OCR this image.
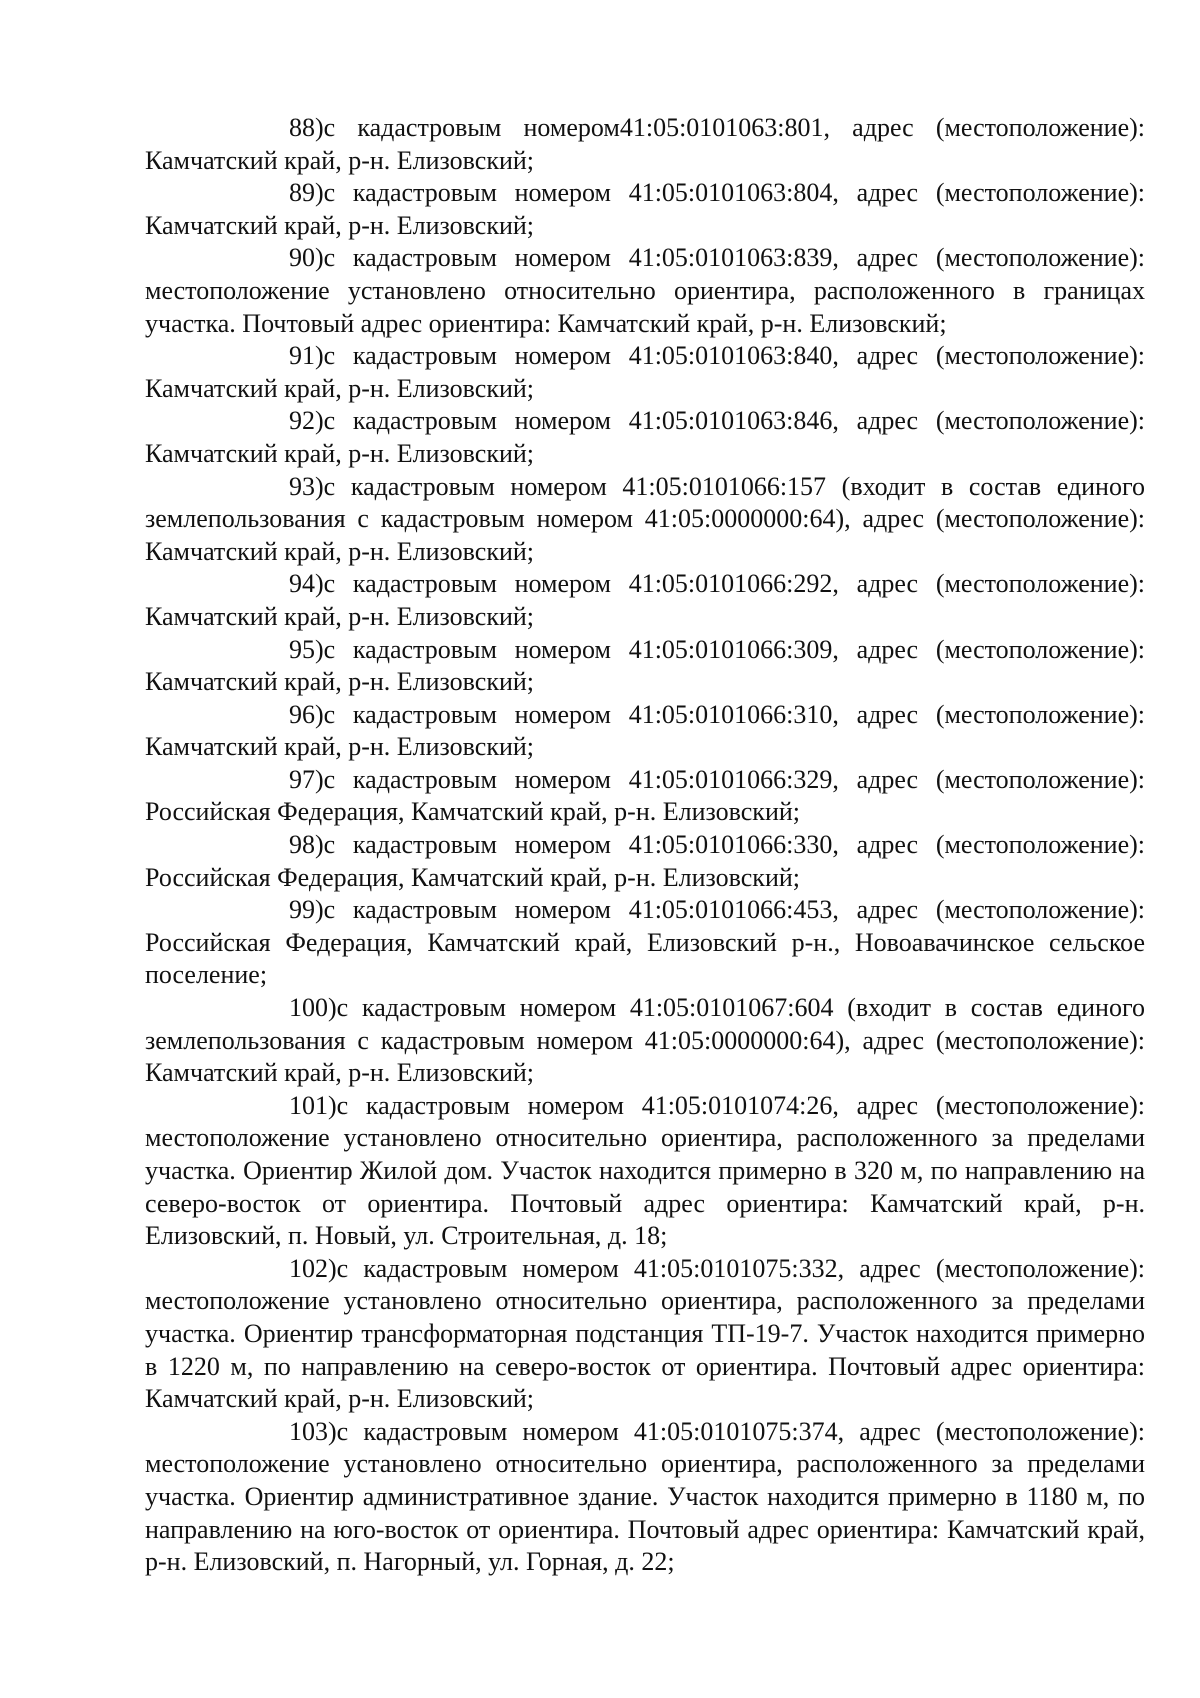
88)с кадастровым номером41:05:0101063:801, адрес (местоположение): Камчатский край, р-н. Елизовский;

89)с кадастровым номером 41:05:0101063:804, адрес (местоположение): Камчатский край, р-н. Елизовский;

90)с кадастровым номером 41:05:0101063:839, адрес (местоположение): местоположение установлено относительно ориентира, расположенного в границах участка. Почтовый адрес ориентира: Камчатский край, р-н. Елизовский;

91)с кадастровым номером 41:05:0101063:840, адрес (местоположение): Камчатский край, р-н. Елизовский;

92)с кадастровым номером 41:05:0101063:846, адрес (местоположение): Камчатский край, р-н. Елизовский;

93)с кадастровым номером 41:05:0101066:157 (входит в состав единого землепользования с кадастровым номером 41:05:0000000:64), адрес (местоположение): Камчатский край, р-н. Елизовский;

94)с кадастровым номером 41:05:0101066:292, адрес (местоположение): Камчатский край, р-н. Елизовский;

95)с кадастровым номером 41:05:0101066:309, адрес (местоположение): Камчатский край, р-н. Елизовский;

96)с кадастровым номером 41:05:0101066:310, адрес (местоположение): Камчатский край, р-н. Елизовский;

97)с кадастровым номером 41:05:0101066:329, адрес (местоположение): Российская Федерация, Камчатский край, р-н. Елизовский;

98)с кадастровым номером 41:05:0101066:330, адрес (местоположение): Российская Федерация, Камчатский край, р-н. Елизовский;

99)с кадастровым номером 41:05:0101066:453, адрес (местоположение): Российская Федерация, Камчатский край, Елизовский р-н., Новоавачинское сельское поселение;

100)с кадастровым номером 41:05:0101067:604 (входит в состав единого землепользования с кадастровым номером 41:05:0000000:64), адрес (местоположение): Камчатский край, р-н. Елизовский;

101)с кадастровым номером 41:05:0101074:26, адрес (местоположение): местоположение установлено относительно ориентира, расположенного за пределами участка. Ориентир Жилой дом. Участок находится примерно в 320 м, по направлению на северо-восток от ориентира. Почтовый адрес ориентира: Камчатский край, р-н. Елизовский, п. Новый, ул. Строительная, д. 18;

102)с кадастровым номером 41:05:0101075:332, адрес (местоположение): местоположение установлено относительно ориентира, расположенного за пределами участка. Ориентир трансформаторная подстанция ТП-19-7. Участок находится примерно в 1220 м, по направлению на северо-восток от ориентира. Почтовый адрес ориентира: Камчатский край, р-н. Елизовский;

103)с кадастровым номером 41:05:0101075:374, адрес (местоположение): местоположение установлено относительно ориентира, расположенного за пределами участка. Ориентир административное здание. Участок находится примерно в 1180 м, по направлению на юго-восток от ориентира. Почтовый адрес ориентира: Камчатский край, р-н. Елизовский, п. Нагорный, ул. Горная, д. 22;
